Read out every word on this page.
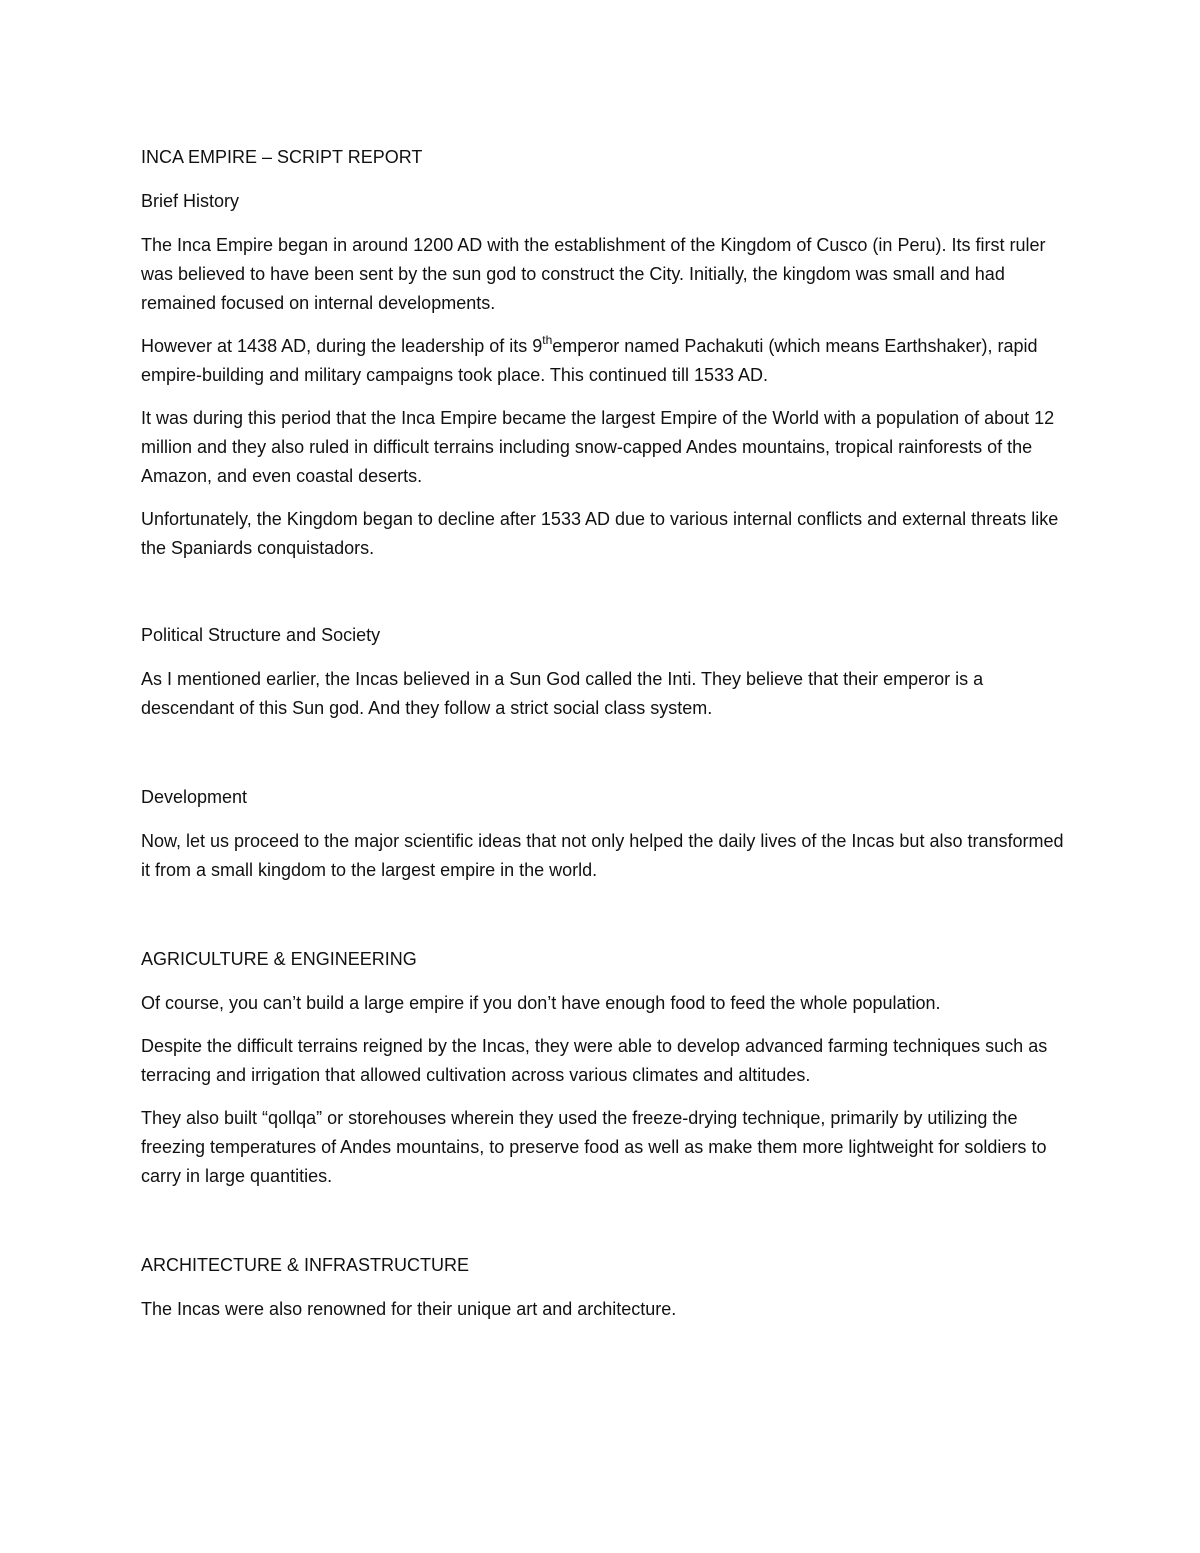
INCA EMPIRE – SCRIPT REPORT
Brief History

The Inca Empire began in around 1200 AD with the establishment of the Kingdom of Cusco (in Peru). Its first ruler was believed to have been sent by the sun god to construct the City. Initially, the kingdom was small and had remained focused on internal developments.

However at 1438 AD, during the leadership of its 9themperor named Pachakuti (which means Earthshaker), rapid empire-building and military campaigns took place. This continued till 1533 AD.

It was during this period that the Inca Empire became the largest Empire of the World with a population of about 12 million and they also ruled in difficult terrains including snow-capped Andes mountains, tropical rainforests of the Amazon, and even coastal deserts.

Unfortunately, the Kingdom began to decline after 1533 AD due to various internal conflicts and external threats like the Spaniards conquistadors.

Political Structure and Society

As I mentioned earlier, the Incas believed in a Sun God called the Inti. They believe that their emperor is a descendant of this Sun god. And they follow a strict social class system.

Development

Now, let us proceed to the major scientific ideas that not only helped the daily lives of the Incas but also transformed it from a small kingdom to the largest empire in the world.

AGRICULTURE & ENGINEERING

Of course, you can’t build a large empire if you don’t have enough food to feed the whole population.

Despite the difficult terrains reigned by the Incas, they were able to develop advanced farming techniques such as terracing and irrigation that allowed cultivation across various climates and altitudes.

They also built “qollqa” or storehouses wherein they used the freeze-drying technique, primarily by utilizing the freezing temperatures of Andes mountains, to preserve food as well as make them more lightweight for soldiers to carry in large quantities.

ARCHITECTURE & INFRASTRUCTURE

The Incas were also renowned for their unique art and architecture.
